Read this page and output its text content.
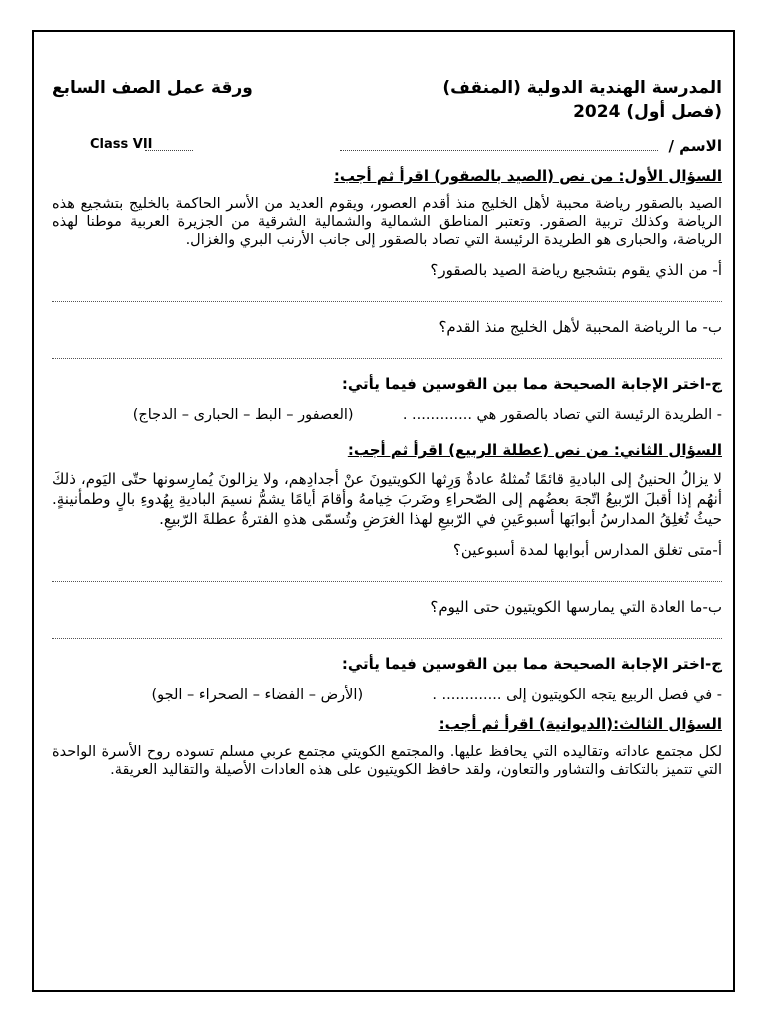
المدرسة الهندية الدولية (المنقف)
(فصل أول) 2024
ورقة عمل الصف السابع
الاسم /
Class VII
السؤال الأول: من نص (الصيد بالصقور) اقرأ ثم أجب:
الصيد بالصقور رياضة محببة لأهل الخليج منذ أقدم العصور، ويقوم العديد من الأسر الحاكمة بالخليج بتشجيع هذه الرياضة وكذلك تربية الصقور. وتعتبر المناطق الشمالية والشمالية الشرقية من الجزيرة العربية موطنا لهذه الرياضة، والحبارى هو الطريدة الرئيسة التي تصاد بالصقور إلى جانب الأرنب البري والغزال.
أ- من الذي يقوم بتشجيع رياضة الصيد بالصقور؟
ب- ما الرياضة المحببة لأهل الخليج منذ القدم؟
ج-اختر الإجابة الصحيحة مما بين القوسين فيما يأتي:
- الطريدة الرئيسة التي تصاد بالصقور هي ............. .  (العصفور – البط – الحبارى – الدجاج)
السؤال الثاني: من نص (عطلة الربيع) اقرأ ثم أجب:
لا يزالُ الحنينُ إلى الباديةِ قائمًا تُمثلهُ عادةٌ وَرِثها الكويتيونَ عنْ أجدادِهم، ولا يزالونَ يُمارِسونها حتّى اليَوم، ذلكَ أنهُم إذا أقبلَ الرّبيعُ اتّجهَ بعضُهم إلى الصّحراءِ وضَربَ خِيامهُ وأقامَ أيامًا يشمُّ نسيمَ الباديةِ بِهُدوءِ بالٍ وطمأنينةٍ. حيثُ تُغلِقُ المدارسُ أبوابَها أسبوعَينِ في الرّبيعِ لهذا الغرَضِ وتُسمّى هذهِ الفترةُ عطلةَ الرّبيعِ.
أ-متى تغلق المدارس أبوابها لمدة أسبوعين؟
ب-ما العادة التي يمارسها الكويتيون حتى اليوم؟
ج-اختر الإجابة الصحيحة مما بين القوسين فيما يأتي:
- في فصل الربيع يتجه الكويتيون إلى ............. .  (الأرض – الفضاء – الصحراء – الجو)
السؤال الثالث:(الديوانية) اقرأ ثم أجب:
لكل مجتمع عاداته وتقاليده التي يحافظ عليها. والمجتمع الكويتي مجتمع عربي مسلم تسوده روح الأسرة الواحدة التي تتميز بالتكاتف والتشاور والتعاون، ولقد حافظ الكويتيون على هذه العادات الأصيلة والتقاليد العريقة.
